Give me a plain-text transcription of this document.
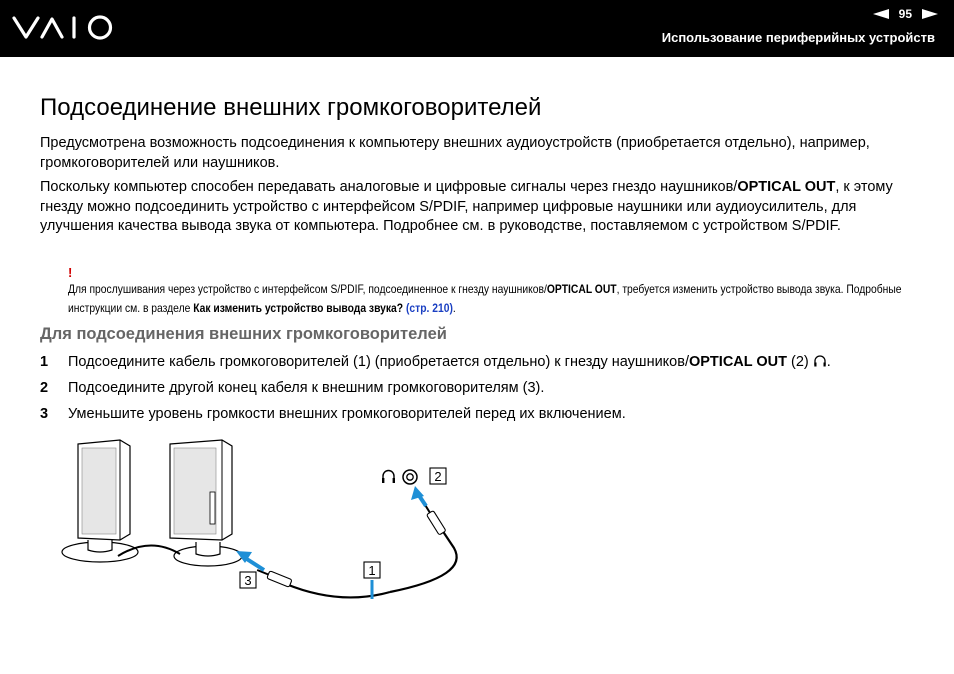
95
Использование периферийных устройств
Подсоединение внешних громкоговорителей

Предусмотрена возможность подсоединения к компьютеру внешних аудиоустройств (приобретается отдельно), например, громкоговорителей или наушников.

Поскольку компьютер способен передавать аналоговые и цифровые сигналы через гнездо наушников/OPTICAL OUT, к этому гнезду можно подсоединить устройство с интерфейсом S/PDIF, например цифровые наушники или аудиоусилитель, для улучшения качества вывода звука от компьютера. Подробнее см. в руководстве, поставляемом с устройством S/PDIF.

!
Для прослушивания через устройство с интерфейсом S/PDIF, подсоединенное к гнезду наушников/OPTICAL OUT, требуется изменить устройство вывода звука. Подробные инструкции см. в разделе Как изменить устройство вывода звука? (стр. 210).
Для подсоединения внешних громкоговорителей
1 Подсоедините кабель громкоговорителей (1) (приобретается отдельно) к гнезду наушников/OPTICAL OUT (2) .
2 Подсоедините другой конец кабеля к внешним громкоговорителям (3).
3 Уменьшите уровень громкости внешних громкоговорителей перед их включением.
2
1
3
